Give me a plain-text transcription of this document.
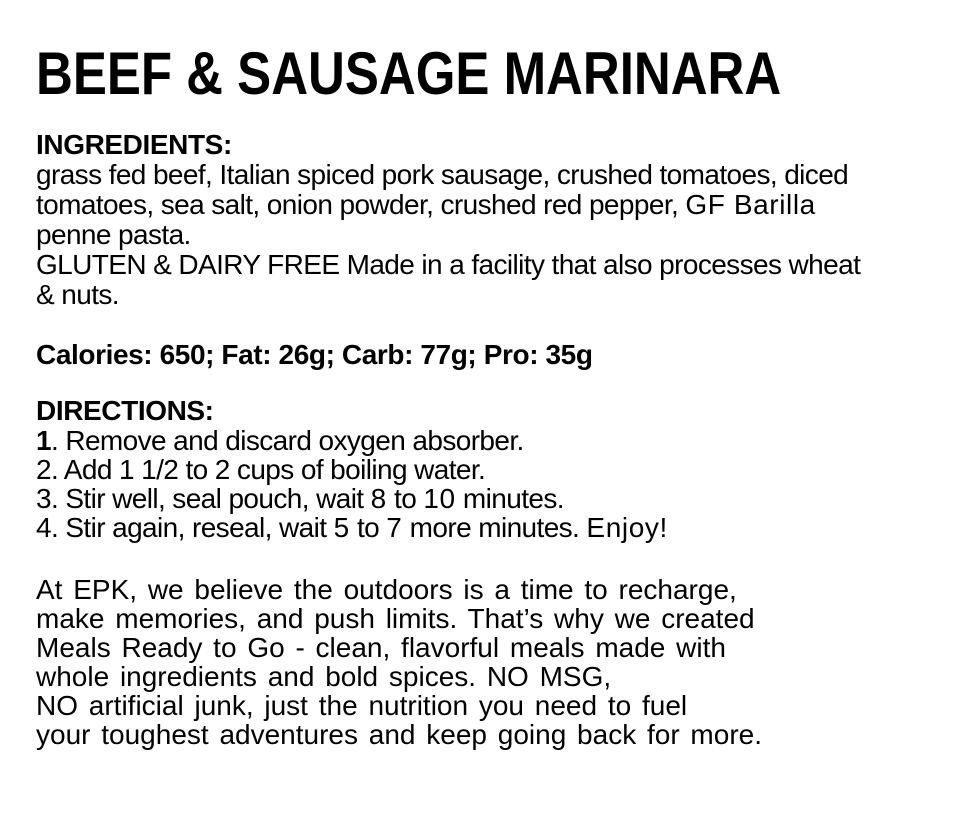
BEEF & SAUSAGE MARINARA
INGREDIENTS:
grass fed beef, Italian spiced pork sausage, crushed tomatoes, diced
tomatoes, sea salt, onion powder, crushed red pepper, GF Barilla
penne pasta.
GLUTEN & DAIRY FREE Made in a facility that also processes wheat
& nuts.
Calories: 650; Fat: 26g; Carb: 77g; Pro: 35g
DIRECTIONS:
1. Remove and discard oxygen absorber.
2. Add 1 1/2 to 2 cups of boiling water.
3. Stir well, seal pouch, wait 8 to 10 minutes.
4. Stir again, reseal, wait 5 to 7 more minutes. Enjoy!
At EPK, we believe the outdoors is a time to recharge,
make memories, and push limits. That’s why we created
Meals Ready to Go - clean, flavorful meals made with
whole ingredients and bold spices. NO MSG,
NO artificial junk, just the nutrition you need to fuel
your toughest adventures and keep going back for more.
